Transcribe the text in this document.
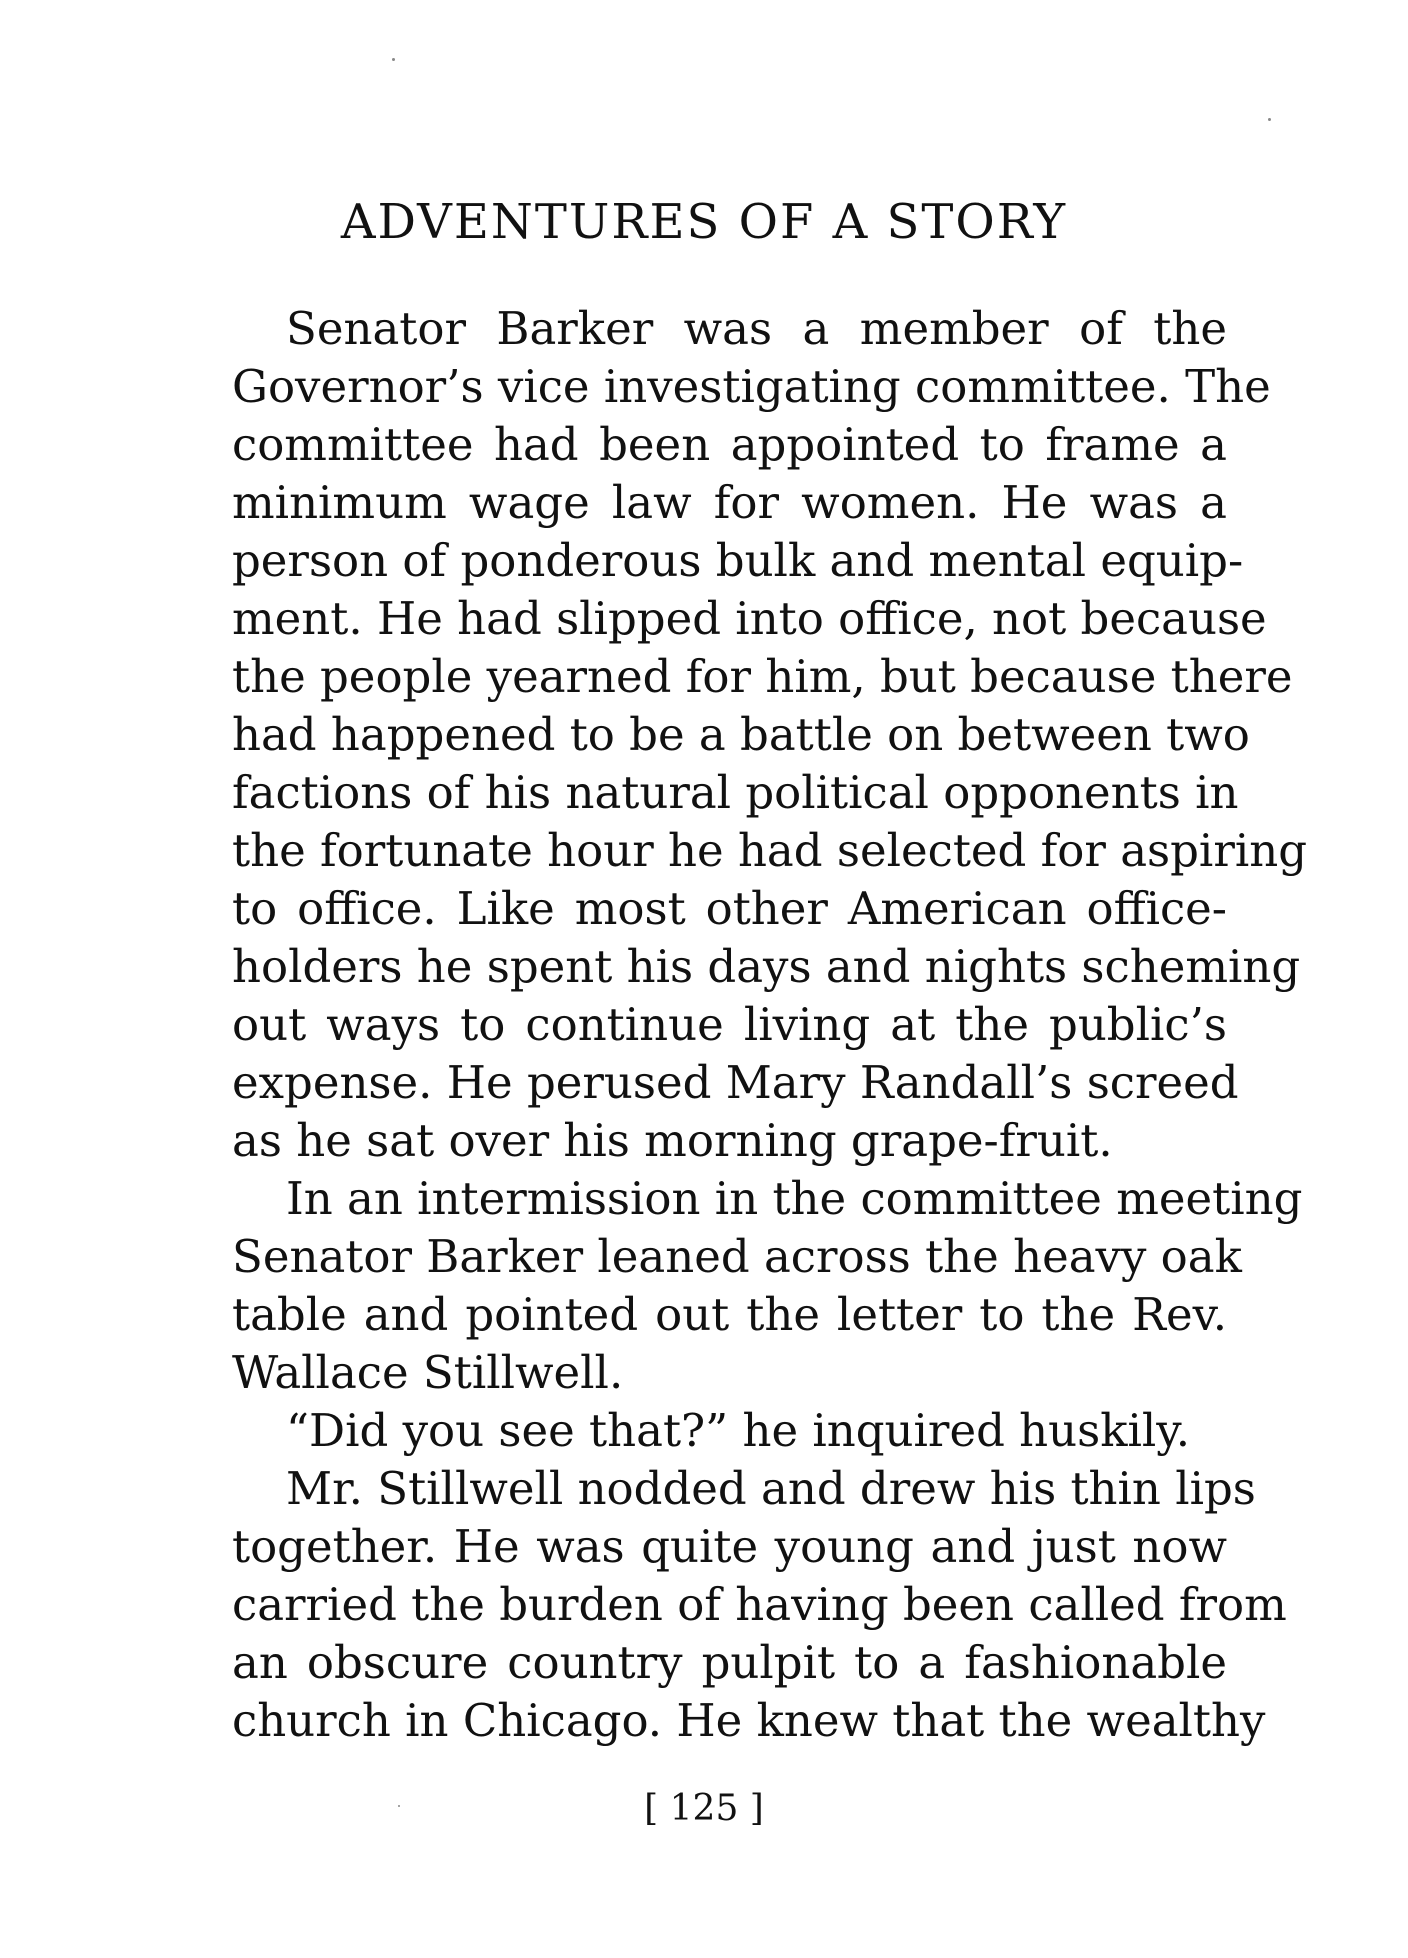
ADVENTURES OF A STORY
Senator Barker was a member of the
Governor’s vice investigating committee. The
committee had been appointed to frame a
minimum wage law for women. He was a
person of ponderous bulk and mental equip-
ment. He had slipped into office, not because
the people yearned for him, but because there
had happened to be a battle on between two
factions of his natural political opponents in
the fortunate hour he had selected for aspiring
to office. Like most other American office-
holders he spent his days and nights scheming
out ways to continue living at the public’s
expense. He perused Mary Randall’s screed
as he sat over his morning grape-fruit.
In an intermission in the committee meeting
Senator Barker leaned across the heavy oak
table and pointed out the letter to the Rev.
Wallace Stillwell.
“Did you see that?” he inquired huskily.
Mr. Stillwell nodded and drew his thin lips
together. He was quite young and just now
carried the burden of having been called from
an obscure country pulpit to a fashionable
church in Chicago. He knew that the wealthy
[ 125 ]
